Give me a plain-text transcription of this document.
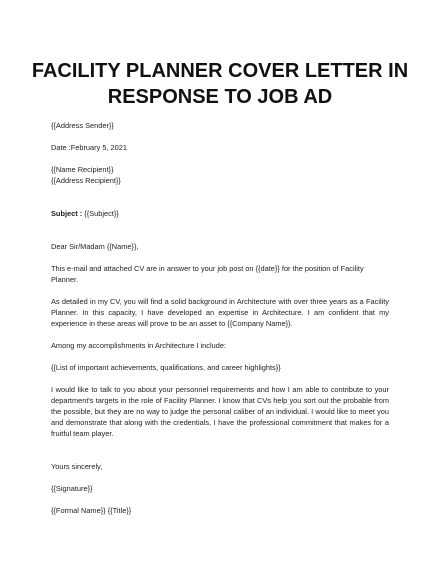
FACILITY PLANNER COVER LETTER IN
RESPONSE TO JOB AD

{{Address Sender}}

Date :February 5, 2021

{{Name Recipient}}

{{Address Recipient}}

Subject : {{Subject}}

Dear Sir/Madam {{Name}},

This e-mail and attached CV are in answer to your job post on {{date}} for the position of Facility Planner.

As detailed in my CV, you will find a solid background in Architecture with over three years as a Facility Planner. In this capacity, I have developed an expertise in Architecture. I am confident that my experience in these areas will prove to be an asset to {{Company Name}}.

Among my accomplishments in Architecture I include:

{{List of important achievements, qualifications, and career highlights}}

I would like to talk to you about your personnel requirements and how I am able to contribute to your department's targets in the role of Facility Planner. I know that CVs help you sort out the probable from the possible, but they are no way to judge the personal caliber of an individual. I would like to meet you and demonstrate that along with the credentials, I have the professional commitment that makes for a fruitful team player.

Yours sincerely,

{{Signature}}

{{Formal Name}} {{Title}}
